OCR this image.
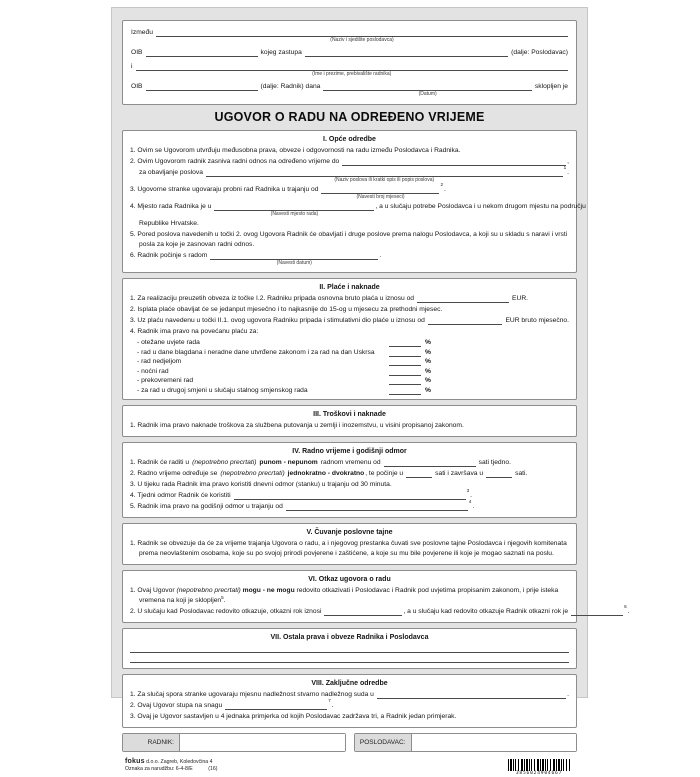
Između
(Naziv i sjedište poslodavca)
OIB	kojeg zastupa	(dalje: Poslodavac)
i
(Ime i prezime, prebivalište radnika)
OIB	(dalje: Radnik) dana
(Datum)
sklopljen je
UGOVOR O RADU NA ODREĐENO VRIJEME
I. Opće odredbe
1. Ovim se Ugovorom utvrđuju međusobna prava, obveze i odgovornosti na radu između Poslodavca i Radnika.
2. Ovim Ugovorom radnik zasniva radni odnos na određeno vrijeme do	,
za obavljanje poslova
(Naziv poslova ili kratki opis ili popis poslova)
1
.
3. Ugovorne stranke ugovaraju probni rad Radnika u trajanju od
(Navesti broj mjeseci)
2
.
4. Mjesto rada Radnika je u
(Navesti mjesto rada)
, a u slučaju potrebe Poslodavca i u nekom drugom mjestu na području
Republike Hrvatske.
5. Pored poslova navedenih u točki 2. ovog Ugovora Radnik će obavljati i druge poslove prema nalogu Poslodavca, a koji su u skladu s naravi i vrsti posla za koje je zasnovan radni odnos.
6. Radnik počinje s radom
(Navesti datum)
.
II. Plaće i naknade
1. Za realizaciju preuzetih obveza iz točke I.2. Radniku pripada osnovna bruto plaća u iznosu od	EUR.
2. Isplata plaće obavljat će se jedanput mjesečno i to najkasnije do 15-og u mjesecu za prethodni mjesec.
3. Uz plaću navedenu u točki II.1. ovog ugovora Radniku pripada i stimulativni dio plaće u iznosu od	EUR bruto mjesečno.
4. Radnik ima pravo na povećanu plaću za:
- otežane uvjete rada	%
- rad u dane blagdana i neradne dane utvrđene zakonom i za rad na dan Uskrsa	%
- rad nedjeljom	%
- noćni rad	%
- prekovremeni rad	%
- za rad u drugoj smjeni u slučaju stalnog smjenskog rada	%
III. Troškovi i naknade
1. Radnik ima pravo naknade troškova za službena putovanja u zemlji i inozemstvu, u visini propisanoj zakonom.
IV. Radno vrijeme i godišnji odmor
1. Radnik će raditi u (nepotrebno precrtati) punom - nepunom radnom vremenu od	sati tjedno.
2. Radno vrijeme određuje se (nepotrebno precrtati) jednokratno - dvokratno , te počinje u	sati i završava u	sati.
3. U tijeku rada Radnik ima pravo koristiti dnevni odmor (stanku) u trajanju od 30 minuta.
4. Tjedni odmor Radnik će koristiti
3
.
5. Radnik ima pravo na godišnji odmor u trajanju od
4
.
V. Čuvanje poslovne tajne
1. Radnik se obvezuje da će za vrijeme trajanja Ugovora o radu, a i njegovog prestanka čuvati sve poslovne tajne Poslodavca i njegovih komitenata prema neovlaštenim osobama, koje su po svojoj prirodi povjerene i zaštićene, a koje su mu bile povjerene ili koje je mogao saznati na poslu.
VI. Otkaz ugovora o radu
1. Ovaj Ugovor (nepotrebno precrtati) mogu - ne mogu redovito otkazivati i Poslodavac i Radnik pod uvjetima propisanim zakonom, i prije isteka vremena na koji je sklopljen$^5$.
2. U slučaju kad Poslodavac redovito otkazuje, otkazni rok iznosi	, a u slučaju kad redovito otkazuje Radnik otkazni rok je
6
.
VII. Ostala prava i obveze Radnika i Poslodavca
VIII. Zaključne odredbe
1. Za slučaj spora stranke ugovaraju mjesnu nadležnost stvarno nadležnog suda u	.
2. Ovaj Ugovor stupa na snagu
7
.
3. Ovaj je Ugovor sastavljen u 4 jednaka primjerka od kojih Poslodavac zadržava tri, a Radnik jedan primjerak.
RADNIK:	POSLODAVAC:
fokus d.o.o. Zagreb, Koledovčina 4
Oznaka za narudžbu: 6-4-8/E	(16)
3856024904667
